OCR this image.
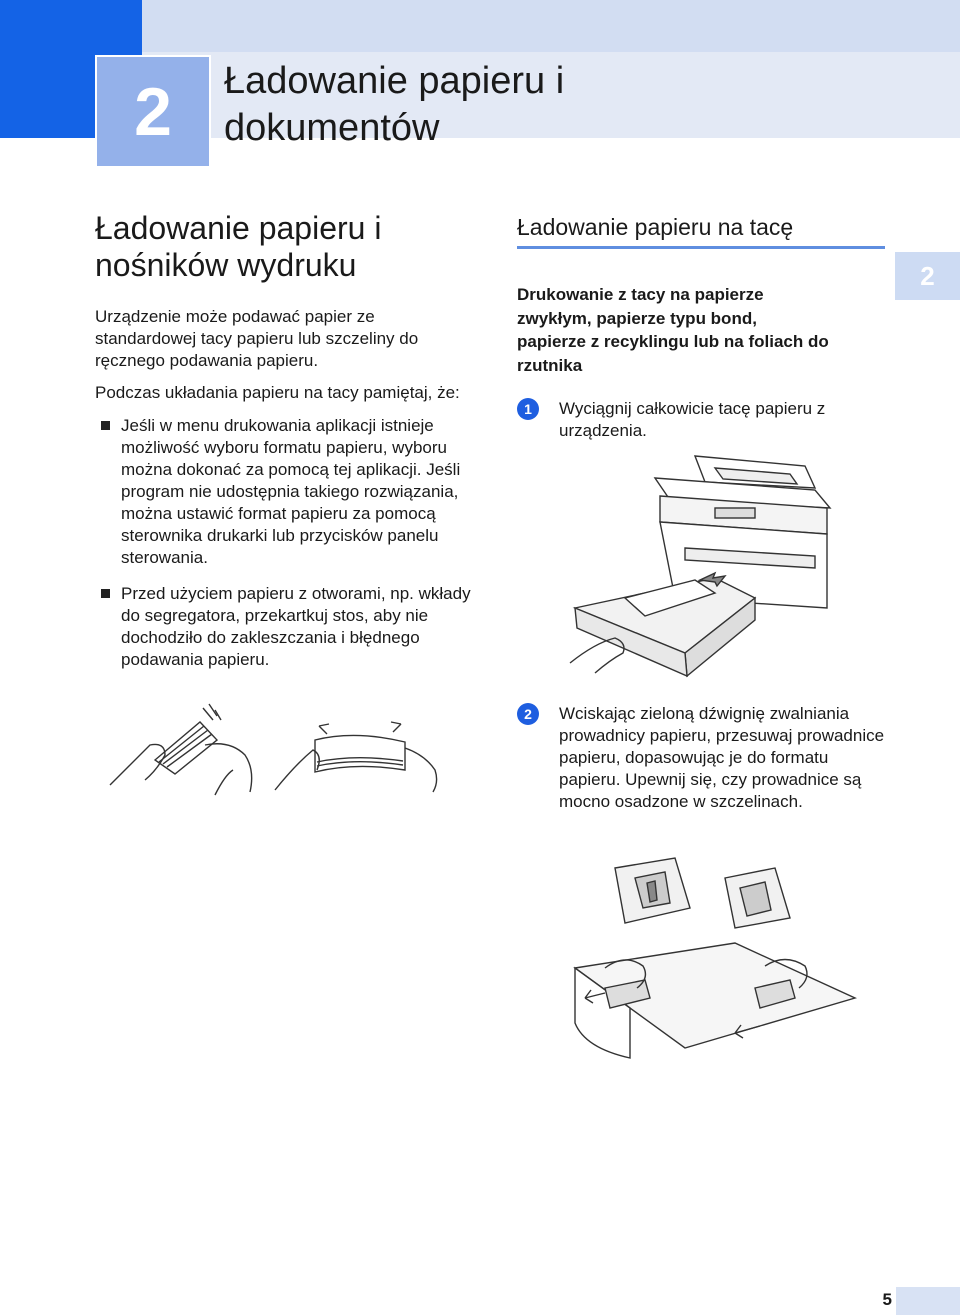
2	Ładowanie papieru i
dokumentów
2
Ładowanie papieru i
nośników wydruku

Urządzenie może podawać papier ze standardowej tacy papieru lub szczeliny do ręcznego podawania papieru.

Podczas układania papieru na tacy pamiętaj, że:

Jeśli w menu drukowania aplikacji istnieje możliwość wyboru formatu papieru, wyboru można dokonać za pomocą tej aplikacji. Jeśli program nie udostępnia takiego rozwiązania, można ustawić format papieru za pomocą sterownika drukarki lub przycisków panelu sterowania.
Przed użyciem papieru z otworami, np. wkłady do segregatora, przekartkuj stos, aby nie dochodziło do zakleszczania i błędnego podawania papieru.
Ładowanie papieru na tacę
Drukowanie z tacy na papierze
zwykłym, papierze typu bond,
papierze z recyklingu lub na foliach do
rzutnika
1	Wyciągnij całkowicie tacę papieru z urządzenia.
2	Wciskając zieloną dźwignię zwalniania prowadnicy papieru, przesuwaj prowadnice papieru, dopasowując je do formatu papieru. Upewnij się, czy prowadnice są mocno osadzone w szczelinach.
5
